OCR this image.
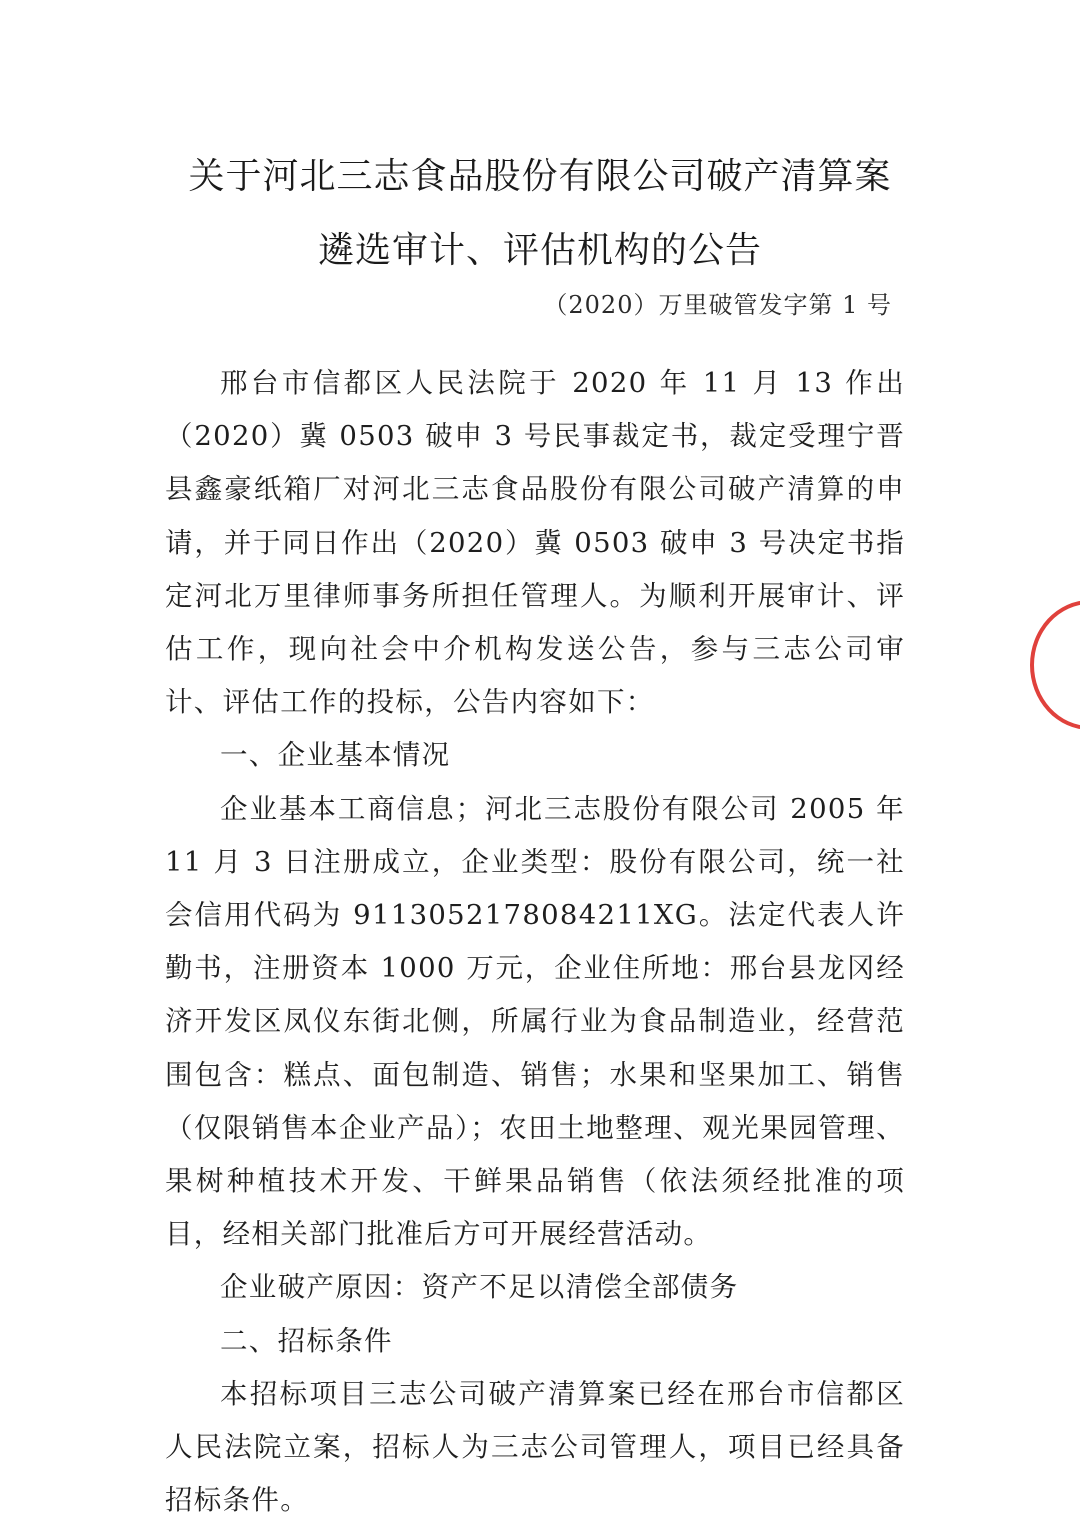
关于河北三志食品股份有限公司破产清算案
遴选审计、评估机构的公告
（2020）万里破管发字第 1 号

邢台市信都区人民法院于 2020 年 11 月 13 作出（2020）冀 0503 破申 3 号民事裁定书，裁定受理宁晋县鑫豪纸箱厂对河北三志食品股份有限公司破产清算的申请，并于同日作出（2020）冀 0503 破申 3 号决定书指定河北万里律师事务所担任管理人。为顺利开展审计、评估工作，现向社会中介机构发送公告，参与三志公司审计、评估工作的投标，公告内容如下：

一、企业基本情况

企业基本工商信息；河北三志股份有限公司 2005 年 11 月 3 日注册成立，企业类型：股份有限公司，统一社会信用代码为 9113052178084211XG。法定代表人许勤书，注册资本 1000 万元，企业住所地：邢台县龙冈经济开发区凤仪东街北侧，所属行业为食品制造业，经营范围包含：糕点、面包制造、销售；水果和坚果加工、销售（仅限销售本企业产品）；农田土地整理、观光果园管理、果树种植技术开发、干鲜果品销售（依法须经批准的项目，经相关部门批准后方可开展经营活动。

企业破产原因：资产不足以清偿全部债务

二、招标条件

本招标项目三志公司破产清算案已经在邢台市信都区人民法院立案，招标人为三志公司管理人，项目已经具备招标条件。
